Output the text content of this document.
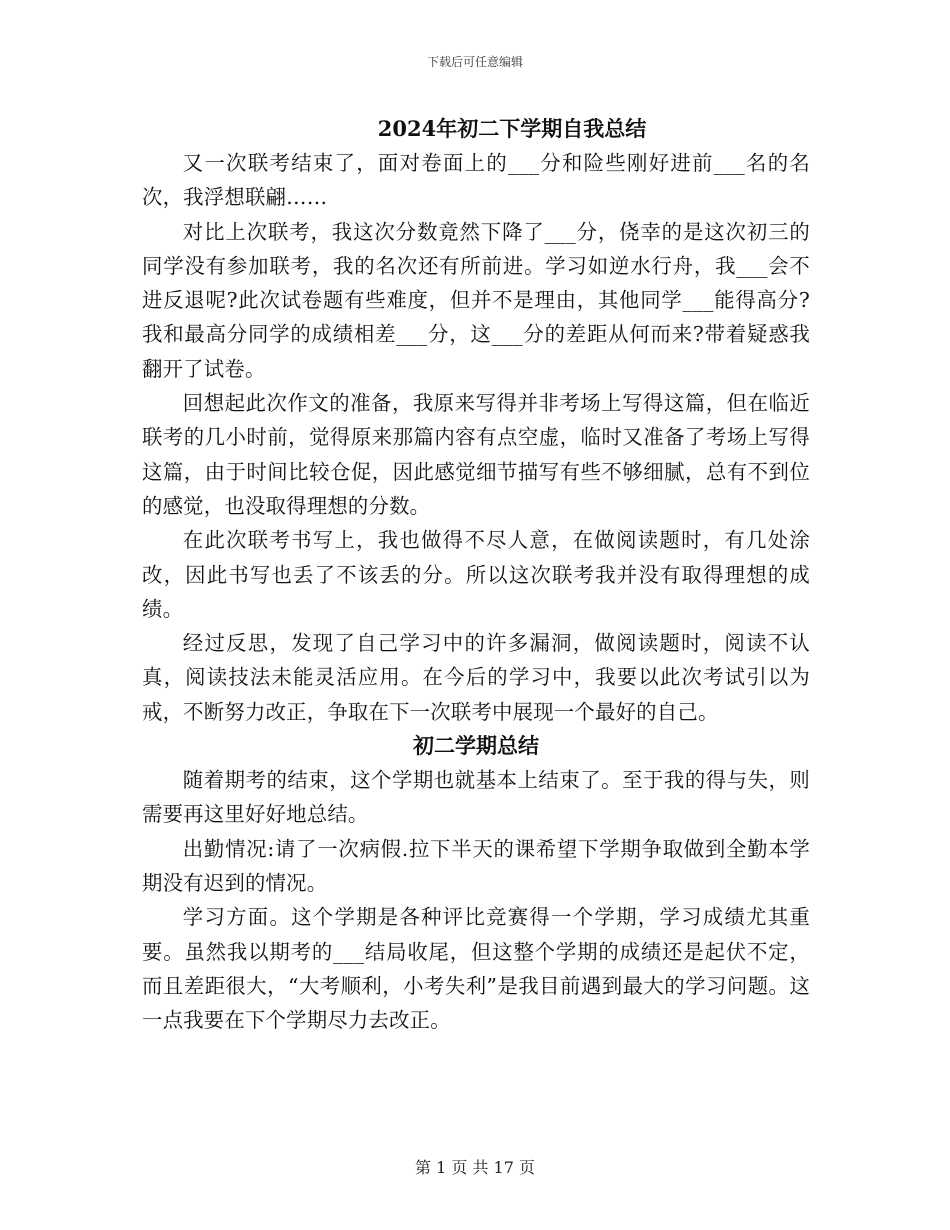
下载后可任意编辑
2024年初二下学期自我总结

又一次联考结束了，面对卷面上的___分和险些刚好进前___名的名次，我浮想联翩……

对比上次联考，我这次分数竟然下降了___分，侥幸的是这次初三的同学没有参加联考，我的名次还有所前进。学习如逆水行舟，我___会不进反退呢?此次试卷题有些难度，但并不是理由，其他同学___能得高分?我和最高分同学的成绩相差___分，这___分的差距从何而来?带着疑惑我翻开了试卷。

回想起此次作文的准备，我原来写得并非考场上写得这篇，但在临近联考的几小时前，觉得原来那篇内容有点空虚，临时又准备了考场上写得这篇，由于时间比较仓促，因此感觉细节描写有些不够细腻，总有不到位的感觉，也没取得理想的分数。

在此次联考书写上，我也做得不尽人意，在做阅读题时，有几处涂改，因此书写也丢了不该丢的分。所以这次联考我并没有取得理想的成绩。

经过反思，发现了自己学习中的许多漏洞，做阅读题时，阅读不认真，阅读技法未能灵活应用。在今后的学习中，我要以此次考试引以为戒，不断努力改正，争取在下一次联考中展现一个最好的自己。

初二学期总结

随着期考的结束，这个学期也就基本上结束了。至于我的得与失，则需要再这里好好地总结。

出勤情况:请了一次病假.拉下半天的课希望下学期争取做到全勤本学期没有迟到的情况。

学习方面。这个学期是各种评比竞赛得一个学期，学习成绩尤其重要。虽然我以期考的___结局收尾，但这整个学期的成绩还是起伏不定，而且差距很大，“大考顺利，小考失利”是我目前遇到最大的学习问题。这一点我要在下个学期尽力去改正。

第 1 页 共 17 页
